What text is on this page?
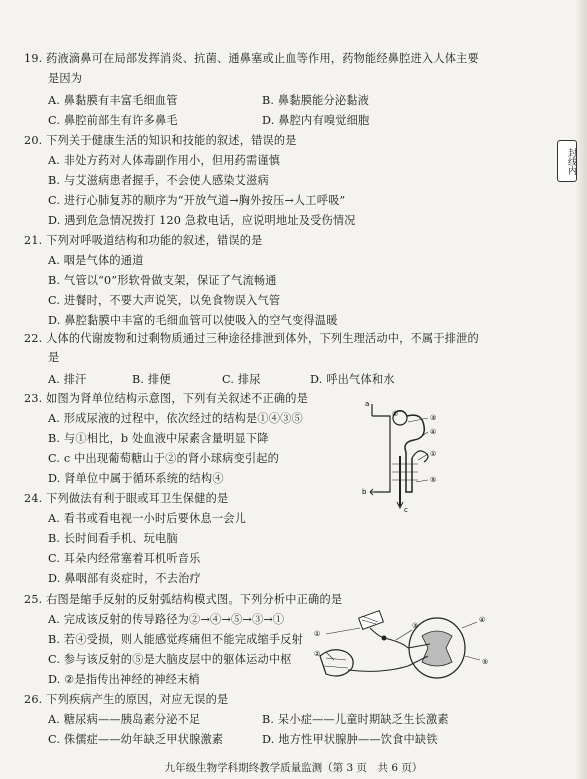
19. 药液滴鼻可在局部发挥消炎、抗菌、通鼻塞或止血等作用，药物能经鼻腔进入人体主要
是因为
A. 鼻黏膜有丰富毛细血管	B. 鼻黏膜能分泌黏液
C. 鼻腔前部生有许多鼻毛	D. 鼻腔内有嗅觉细胞
20. 下列关于健康生活的知识和技能的叙述，错误的是
A. 非处方药对人体毒副作用小，但用药需谨慎
B. 与艾滋病患者握手，不会使人感染艾滋病
C. 进行心肺复苏的顺序为“开放气道→胸外按压→人工呼吸”
D. 遇到危急情况拨打 120 急救电话，应说明地址及受伤情况
21. 下列对呼吸道结构和功能的叙述，错误的是
A. 咽是气体的通道
B. 气管以“0”形软骨做支架，保证了气流畅通
C. 进餐时，不要大声说笑，以免食物误入气管
D. 鼻腔黏膜中丰富的毛细血管可以使吸入的空气变得温暖
22. 人体的代谢废物和过剩物质通过三种途径排泄到体外，下列生理活动中，不属于排泄的
是
A. 排汗	B. 排便	C. 排尿	D. 呼出气体和水
23. 如图为肾单位结构示意图，下列有关叙述不正确的是
A. 形成尿液的过程中，依次经过的结构是①④③⑤
B. 与①相比，b 处血液中尿素含量明显下降
C. c 中出现葡萄糖山于②的肾小球病变引起的
D. 肾单位中属于循环系统的结构④
a
b
c
③
④
①
⑤
②
24. 下列做法有利于眼或耳卫生保健的是
A. 看书或看电视一小时后要休息一会儿
B. 长时间看手机、玩电脑
C. 耳朵内经常塞着耳机听音乐
D. 鼻咽部有炎症时，不去治疗
25. 右图是缩手反射的反射弧结构模式图。下列分析中正确的是
A. 完成该反射的传导路径为②→④→⑤→③→①
B. 若④受损，则人能感觉疼痛但不能完成缩手反射
C. 参与该反射的⑤是大脑皮层中的躯体运动中枢
D. ②是指传出神经的神经末梢
①
②
③
④
⑤
26. 下列疾病产生的原因，对应无误的是
A. 糖尿病——胰岛素分泌不足	B. 呆小症——儿童时期缺乏生长激素
C. 侏儒症——幼年缺乏甲状腺激素	D. 地方性甲状腺肿——饮食中缺铁
九年级生物学科期终教学质量监测（第 3 页　共 6 页）
封线内
